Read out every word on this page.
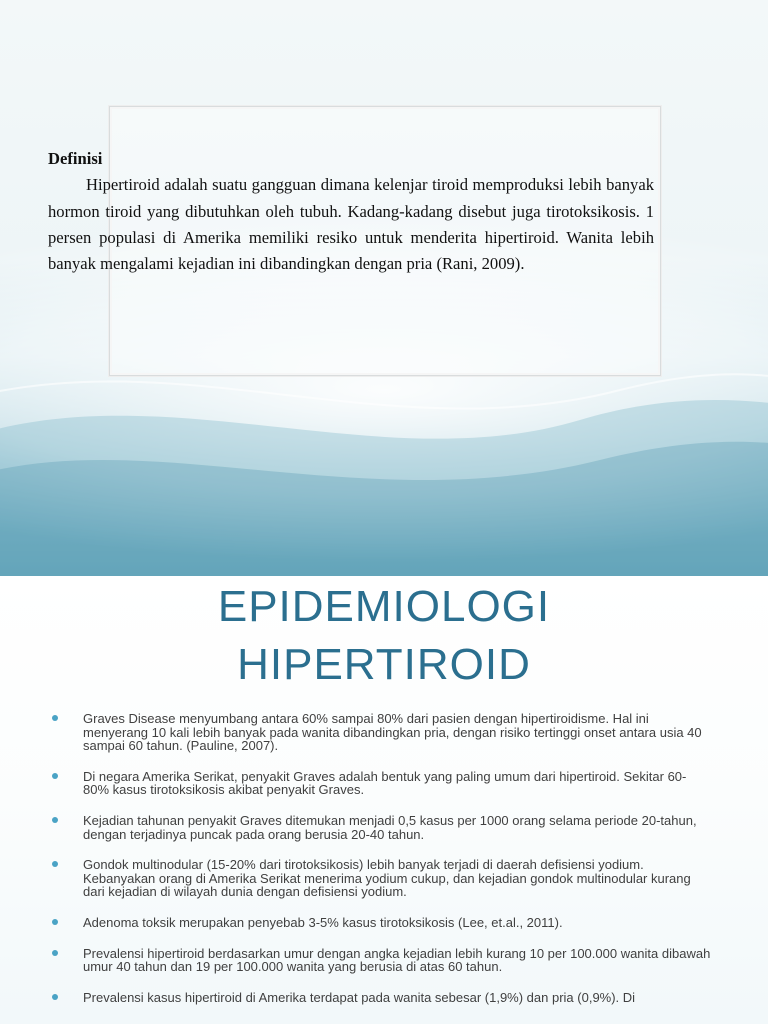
Definisi
Hipertiroid adalah suatu gangguan dimana kelenjar tiroid memproduksi lebih banyak hormon tiroid yang dibutuhkan oleh tubuh. Kadang-kadang disebut juga tirotoksikosis. 1 persen populasi di Amerika memiliki resiko untuk menderita hipertiroid. Wanita lebih banyak mengalami kejadian ini dibandingkan dengan pria (Rani, 2009).
EPIDEMIOLOGI
HIPERTIROID
Graves Disease menyumbang antara 60% sampai 80% dari pasien dengan hipertiroidisme. Hal ini menyerang 10 kali lebih banyak pada wanita dibandingkan pria, dengan risiko tertinggi onset antara usia 40 sampai 60 tahun. (Pauline, 2007).
Di negara Amerika Serikat, penyakit Graves adalah bentuk yang paling umum dari hipertiroid. Sekitar 60-80% kasus tirotoksikosis akibat penyakit Graves.
Kejadian tahunan penyakit Graves ditemukan menjadi 0,5 kasus per 1000 orang selama periode 20-tahun, dengan terjadinya puncak pada orang berusia 20-40 tahun.
Gondok multinodular (15-20% dari tirotoksikosis) lebih banyak terjadi di daerah defisiensi yodium. Kebanyakan orang di Amerika Serikat menerima yodium cukup, dan kejadian gondok multinodular kurang dari kejadian di wilayah dunia dengan defisiensi yodium.
Adenoma toksik merupakan penyebab 3-5% kasus tirotoksikosis (Lee, et.al., 2011).
Prevalensi hipertiroid berdasarkan umur dengan angka kejadian lebih kurang 10 per 100.000 wanita dibawah umur 40 tahun dan 19 per 100.000 wanita yang berusia di atas 60 tahun.
Prevalensi kasus hipertiroid di Amerika terdapat pada wanita sebesar (1,9%) dan pria (0,9%). Di
